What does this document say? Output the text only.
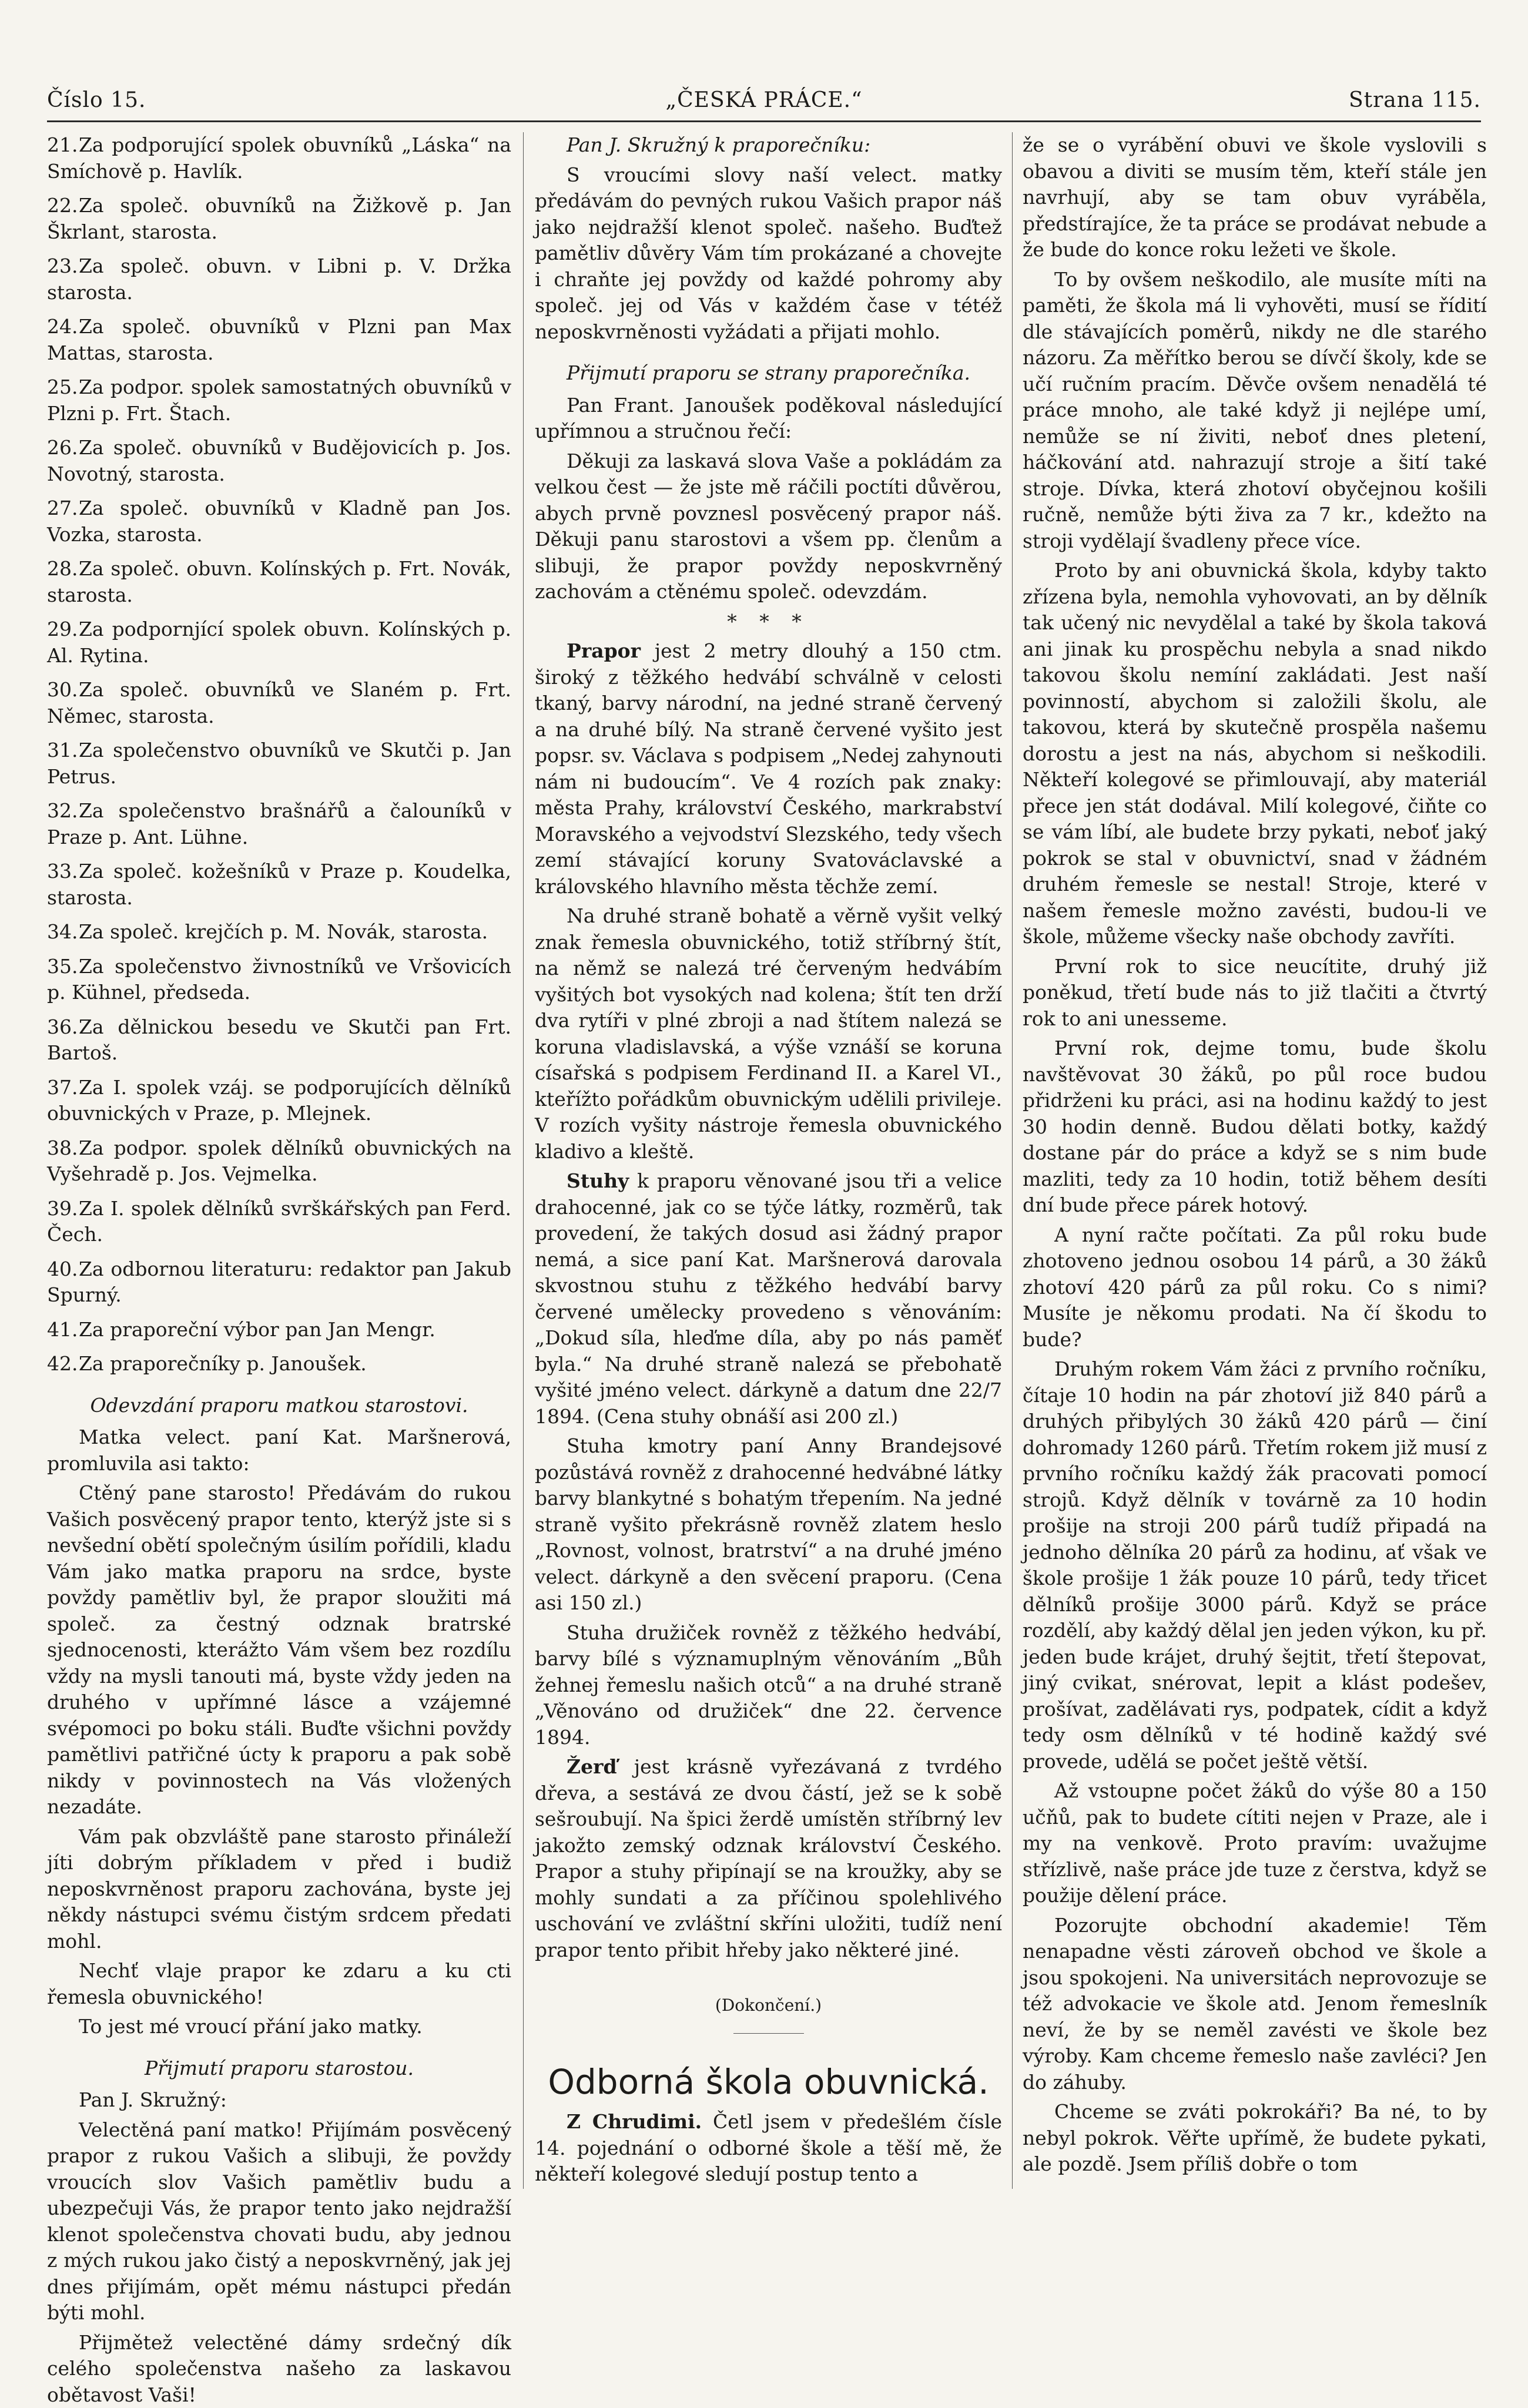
Číslo 15.	„ČESKÁ PRÁCE.“	Strana 115.
21.Za podporující spolek obuvníků „Láska“ na Smíchově p. Havlík.
22.Za společ. obuvníků na Žižkově p. Jan Škrlant, starosta.
23.Za společ. obuvn. v Libni p. V. Držka starosta.
24.Za společ. obuvníků v Plzni pan Max Mattas, starosta.
25.Za podpor. spolek samostatných obuvníků v Plzni p. Frt. Štach.
26.Za společ. obuvníků v Budějovicích p. Jos. Novotný, starosta.
27.Za společ. obuvníků v Kladně pan Jos. Vozka, starosta.
28.Za společ. obuvn. Kolínských p. Frt. Novák, starosta.
29.Za podpornjící spolek obuvn. Kolínských p. Al. Rytina.
30.Za společ. obuvníků ve Slaném p. Frt. Němec, starosta.
31.Za společenstvo obuvníků ve Skutči p. Jan Petrus.
32.Za společenstvo brašnářů a čalouníků v Praze p. Ant. Lühne.
33.Za společ. kožešníků v Praze p. Koudelka, starosta.
34.Za společ. krejčích p. M. Novák, starosta.
35.Za společenstvo živnostníků ve Vršovicích p. Kühnel, předseda.
36.Za dělnickou besedu ve Skutči pan Frt. Bartoš.
37.Za I. spolek vzáj. se podporujících dělníků obuvnických v Praze, p. Mlejnek.
38.Za podpor. spolek dělníků obuvnických na Vyšehradě p. Jos. Vejmelka.
39.Za I. spolek dělníků svrškářských pan Ferd. Čech.
40.Za odbornou literaturu: redaktor pan Jakub Spurný.
41.Za praporeční výbor pan Jan Mengr.
42.Za praporečníky p. Janoušek.
Odevzdání praporu matkou starostovi.
Matka velect. paní Kat. Maršnerová, promluvila asi takto:
Ctěný pane starosto! Předávám do rukou Vašich posvěcený prapor tento, kterýž jste si s nevšední obětí společným úsilím pořídili, kladu Vám jako matka praporu na srdce, byste povždy pamětliv byl, že prapor sloužiti má společ. za čestný odznak bratrské sjednocenosti, kterážto Vám všem bez rozdílu vždy na mysli tanouti má, byste vždy jeden na druhého v upřímné lásce a vzájemné svépomoci po boku stáli. Buďte všichni povždy pamětlivi patřičné úcty k praporu a pak sobě nikdy v povinnostech na Vás vložených nezadáte.
Vám pak obzvláště pane starosto přináleží jíti dobrým příkladem v před i budiž neposkvrněnost praporu zachována, byste jej někdy nástupci svému čistým srdcem předati mohl.
Nechť vlaje prapor ke zdaru a ku cti řemesla obuvnického!
To jest mé vroucí přání jako matky.
Přijmutí praporu starostou.
Pan J. Skružný:
Velectěná paní matko! Přijímám posvěcený prapor z rukou Vašich a slibuji, že povždy vroucích slov Vašich pamětliv budu a ubezpečuji Vás, že prapor tento jako nejdražší klenot společenstva chovati budu, aby jednou z mých rukou jako čistý a neposkvrněný, jak jej dnes přijímám, opět mému nástupci předán býti mohl.
Přijmětež velectěné dámy srdečný dík celého společenstva našeho za laskavou obětavost Vaši!
Pan J. Skružný k praporečníku:
S vroucími slovy naší velect. matky předávám do pevných rukou Vašich prapor náš jako nejdražší klenot společ. našeho. Buďtež pamětliv důvěry Vám tím prokázané a chovejte i chraňte jej povždy od každé pohromy aby společ. jej od Vás v každém čase v tétéž neposkvrněnosti vyžádati a přijati mohlo.
Přijmutí praporu se strany praporečníka.
Pan Frant. Janoušek poděkoval následující upřímnou a stručnou řečí:
Děkuji za laskavá slova Vaše a pokládám za velkou čest — že jste mě ráčili poctíti důvěrou, abych prvně povznesl posvěcený prapor náš. Děkuji panu starostovi a všem pp. členům a slibuji, že prapor povždy neposkvrněný zachovám a ctěnému společ. odevzdám.
* * *
Prapor jest 2 metry dlouhý a 150 ctm. široký z těžkého hedvábí schválně v celosti tkaný, barvy národní, na jedné straně červený a na druhé bílý. Na straně červené vyšito jest popsr. sv. Václava s podpisem „Nedej zahynouti nám ni budoucím“. Ve 4 rozích pak znaky: města Prahy, království Českého, markrabství Moravského a vejvodství Slezského, tedy všech zemí stávající koruny Svatováclavské a královského hlavního města těchže zemí.
Na druhé straně bohatě a věrně vyšit velký znak řemesla obuvnického, totiž stříbrný štít, na němž se nalezá tré červeným hedvábím vyšitých bot vysokých nad kolena; štít ten drží dva rytíři v plné zbroji a nad štítem nalezá se koruna vladislavská, a výše vznáší se koruna císařská s podpisem Ferdinand II. a Karel VI., kteřížto pořádkům obuvnickým udělili privileje. V rozích vyšity nástroje řemesla obuvnického kladivo a kleště.
Stuhy k praporu věnované jsou tři a velice drahocenné, jak co se týče látky, rozměrů, tak provedení, že takých dosud asi žádný prapor nemá, a sice paní Kat. Maršnerová darovala skvostnou stuhu z těžkého hedvábí barvy červené umělecky provedeno s věnováním: „Dokud síla, hleďme díla, aby po nás paměť byla.“ Na druhé straně nalezá se přebohatě vyšité jméno velect. dárkyně a datum dne 22/7 1894. (Cena stuhy obnáší asi 200 zl.)
Stuha kmotry paní Anny Brandejsové pozůstává rovněž z drahocenné hedvábné látky barvy blankytné s bohatým třepením. Na jedné straně vyšito překrásně rovněž zlatem heslo „Rovnost, volnost, bratrství“ a na druhé jméno velect. dárkyně a den svěcení praporu. (Cena asi 150 zl.)
Stuha družiček rovněž z těžkého hedvábí, barvy bílé s významuplným věnováním „Bůh žehnej řemeslu našich otců“ a na druhé straně „Věnováno od družiček“ dne 22. července 1894.
Žerď jest krásně vyřezávaná z tvrdého dřeva, a sestává ze dvou částí, jež se k sobě sešroubují. Na špici žerdě umístěn stříbrný lev jakožto zemský odznak království Českého. Prapor a stuhy připínají se na kroužky, aby se mohly sundati a za příčinou spolehlivého uschování ve zvláštní skříni uložiti, tudíž není prapor tento přibit hřeby jako některé jiné.
(Dokončení.)
Odborná škola obuvnická.
Z Chrudimi. Četl jsem v předešlém čísle 14. pojednání o odborné škole a těší mě, že někteří kolegové sledují postup tento a
že se o vyrábění obuvi ve škole vyslovili s obavou a diviti se musím těm, kteří stále jen navrhují, aby se tam obuv vyráběla, předstírajíce, že ta práce se prodávat nebude a že bude do konce roku ležeti ve škole.
To by ovšem neškodilo, ale musíte míti na paměti, že škola má li vyhověti, musí se řídití dle stávajících poměrů, nikdy ne dle starého názoru. Za měřítko berou se dívčí školy, kde se učí ručním pracím. Děvče ovšem nenadělá té práce mnoho, ale také když ji nejlépe umí, nemůže se ní živiti, neboť dnes pletení, háčkování atd. nahrazují stroje a šití také stroje. Dívka, která zhotoví obyčejnou košili ručně, nemůže býti živa za 7 kr., kdežto na stroji vydělají švadleny přece více.
Proto by ani obuvnická škola, kdyby takto zřízena byla, nemohla vyhovovati, an by dělník tak učený nic nevydělal a také by škola taková ani jinak ku prospěchu nebyla a snad nikdo takovou školu nemíní zakládati. Jest naší povinností, abychom si založili školu, ale takovou, která by skutečně prospěla našemu dorostu a jest na nás, abychom si neškodili. Někteří kolegové se přimlouvají, aby materiál přece jen stát dodával. Milí kolegové, čiňte co se vám líbí, ale budete brzy pykati, neboť jaký pokrok se stal v obuvnictví, snad v žádném druhém řemesle se nestal! Stroje, které v našem řemesle možno zavésti, budou-li ve škole, můžeme všecky naše obchody zavříti.
První rok to sice neucítite, druhý již poněkud, třetí bude nás to již tlačiti a čtvrtý rok to ani unesseme.
První rok, dejme tomu, bude školu navštěvovat 30 žáků, po půl roce budou přidrženi ku práci, asi na hodinu každý to jest 30 hodin denně. Budou dělati botky, každý dostane pár do práce a když se s nim bude mazliti, tedy za 10 hodin, totiž během desíti dní bude přece párek hotový.
A nyní račte počítati. Za půl roku bude zhotoveno jednou osobou 14 párů, a 30 žáků zhotoví 420 párů za půl roku. Co s nimi? Musíte je někomu prodati. Na čí škodu to bude?
Druhým rokem Vám žáci z prvního ročníku, čítaje 10 hodin na pár zhotoví již 840 párů a druhých přibylých 30 žáků 420 párů — činí dohromady 1260 párů. Třetím rokem již musí z prvního ročníku každý žák pracovati pomocí strojů. Když dělník v továrně za 10 hodin prošije na stroji 200 párů tudíž připadá na jednoho dělníka 20 párů za hodinu, ať však ve škole prošije 1 žák pouze 10 párů, tedy třicet dělníků prošije 3000 párů. Když se práce rozdělí, aby každý dělal jen jeden výkon, ku př. jeden bude krájet, druhý šejtit, třetí štepovat, jiný cvikat, snérovat, lepit a klást podešev, prošívat, zadělávati rys, podpatek, cídit a když tedy osm dělníků v té hodině každý své provede, udělá se počet ještě větší.
Až vstoupne počet žáků do výše 80 a 150 učňů, pak to budete cítiti nejen v Praze, ale i my na venkově. Proto pravím: uvažujme střízlivě, naše práce jde tuze z čerstva, když se použije dělení práce.
Pozorujte obchodní akademie! Těm nenapadne věsti zároveň obchod ve škole a jsou spokojeni. Na universitách neprovozuje se též advokacie ve škole atd. Jenom řemeslník neví, že by se neměl zavésti ve škole bez výroby. Kam chceme řemeslo naše zavléci? Jen do záhuby.
Chceme se zváti pokrokáři? Ba né, to by nebyl pokrok. Věřte upřímě, že budete pykati, ale pozdě. Jsem příliš dobře o tom
